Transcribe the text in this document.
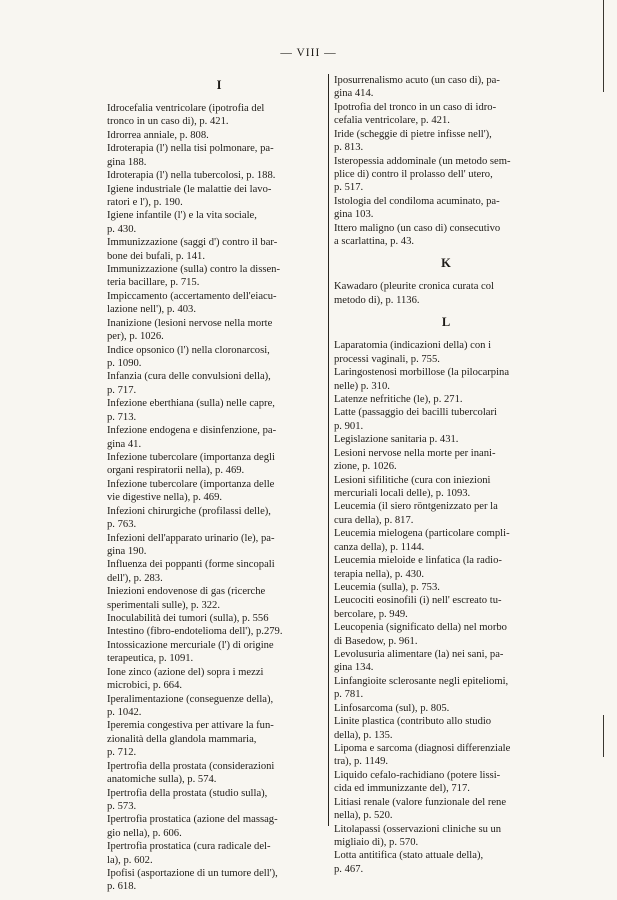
— VIII —
I
Idrocefalia ventricolare (ipotrofia del
tronco in un caso di), p. 421.
Idrorrea anniale, p. 808.
Idroterapia (l') nella tisi polmonare, pa-
gina 188.
Idroterapia (l') nella tubercolosi, p. 188.
Igiene industriale (le malattie dei lavo-
ratori e l'), p. 190.
Igiene infantile (l') e la vita sociale,
p. 430.
Immunizzazione (saggi d') contro il bar-
bone dei bufali, p. 141.
Immunizzazione (sulla) contro la dissen-
teria bacillare, p. 715.
Impiccamento (accertamento dell'eiacu-
lazione nell'), p. 403.
Inanizione (lesioni nervose nella morte
per), p. 1026.
Indice opsonico (l') nella cloronarcosi,
p. 1090.
Infanzia (cura delle convulsioni della),
p. 717.
Infezione eberthiana (sulla) nelle capre,
p. 713.
Infezione endogena e disinfenzione, pa-
gina 41.
Infezione tubercolare (importanza degli
organi respiratorii nella), p. 469.
Infezione tubercolare (importanza delle
vie digestive nella), p. 469.
Infezioni chirurgiche (profilassi delle),
p. 763.
Infezioni dell'apparato urinario (le), pa-
gina 190.
Influenza dei poppanti (forme sincopali
dell'), p. 283.
Iniezioni endovenose di gas (ricerche
sperimentali sulle), p. 322.
Inoculabilità dei tumori (sulla), p. 556
Intestino (fibro-endotelioma dell'), p.279.
Intossicazione mercuriale (l') di origine
terapeutica, p. 1091.
Ione zinco (azione del) sopra i mezzi
microbici, p. 664.
Iperalimentazione (conseguenze della),
p. 1042.
Iperemia congestiva per attivare la fun-
zionalità della glandola mammaria,
p. 712.
Ipertrofia della prostata (considerazioni
anatomiche sulla), p. 574.
Ipertrofia della prostata (studio sulla),
p. 573.
Ipertrofia prostatica (azione del massag-
gio nella), p. 606.
Ipertrofia prostatica (cura radicale del-
la), p. 602.
Ipofisi (asportazione di un tumore dell'),
p. 618.
Iposurrenalismo acuto (un caso di), pa-
gina 414.
Ipotrofia del tronco in un caso di idro-
cefalia ventricolare, p. 421.
Iride (scheggie di pietre infisse nell'),
p. 813.
Isteropessia addominale (un metodo sem-
plice di) contro il prolasso dell' utero,
p. 517.
Istologia del condiloma acuminato, pa-
gina 103.
Ittero maligno (un caso di) consecutivo
a scarlattina, p. 43.
K
Kawadaro (pleurite cronica curata col
metodo di), p. 1136.
L
Laparatomia (indicazioni della) con i
processi vaginali, p. 755.
Laringostenosi morbillose (la pilocarpina
nelle) p. 310.
Latenze nefritiche (le), p. 271.
Latte (passaggio dei bacilli tubercolari
p. 901.
Legislazione sanitaria p. 431.
Lesioni nervose nella morte per inani-
zione, p. 1026.
Lesioni sifilitiche (cura con iniezioni
mercuriali locali delle), p. 1093.
Leucemia (il siero röntgenizzato per la
cura della), p. 817.
Leucemia mielogena (particolare compli-
canza della), p. 1144.
Leucemia mieloide e linfatica (la radio-
terapia nella), p. 430.
Leucemia (sulla), p. 753.
Leucociti eosinofili (i) nell' escreato tu-
bercolare, p. 949.
Leucopenia (significato della) nel morbo
di Basedow, p. 961.
Levolusuria alimentare (la) nei sani, pa-
gina 134.
Linfangioite sclerosante negli epiteliomi,
p. 781.
Linfosarcoma (sul), p. 805.
Linite plastica (contributo allo studio
della), p. 135.
Lipoma e sarcoma (diagnosi differenziale
tra), p. 1149.
Liquido cefalo-rachidiano (potere lissi-
cida ed immunizzante del), 717.
Litiasi renale (valore funzionale del rene
nella), p. 520.
Litolapassi (osservazioni cliniche su un
migliaio di), p. 570.
Lotta antitifica (stato attuale della),
p. 467.
